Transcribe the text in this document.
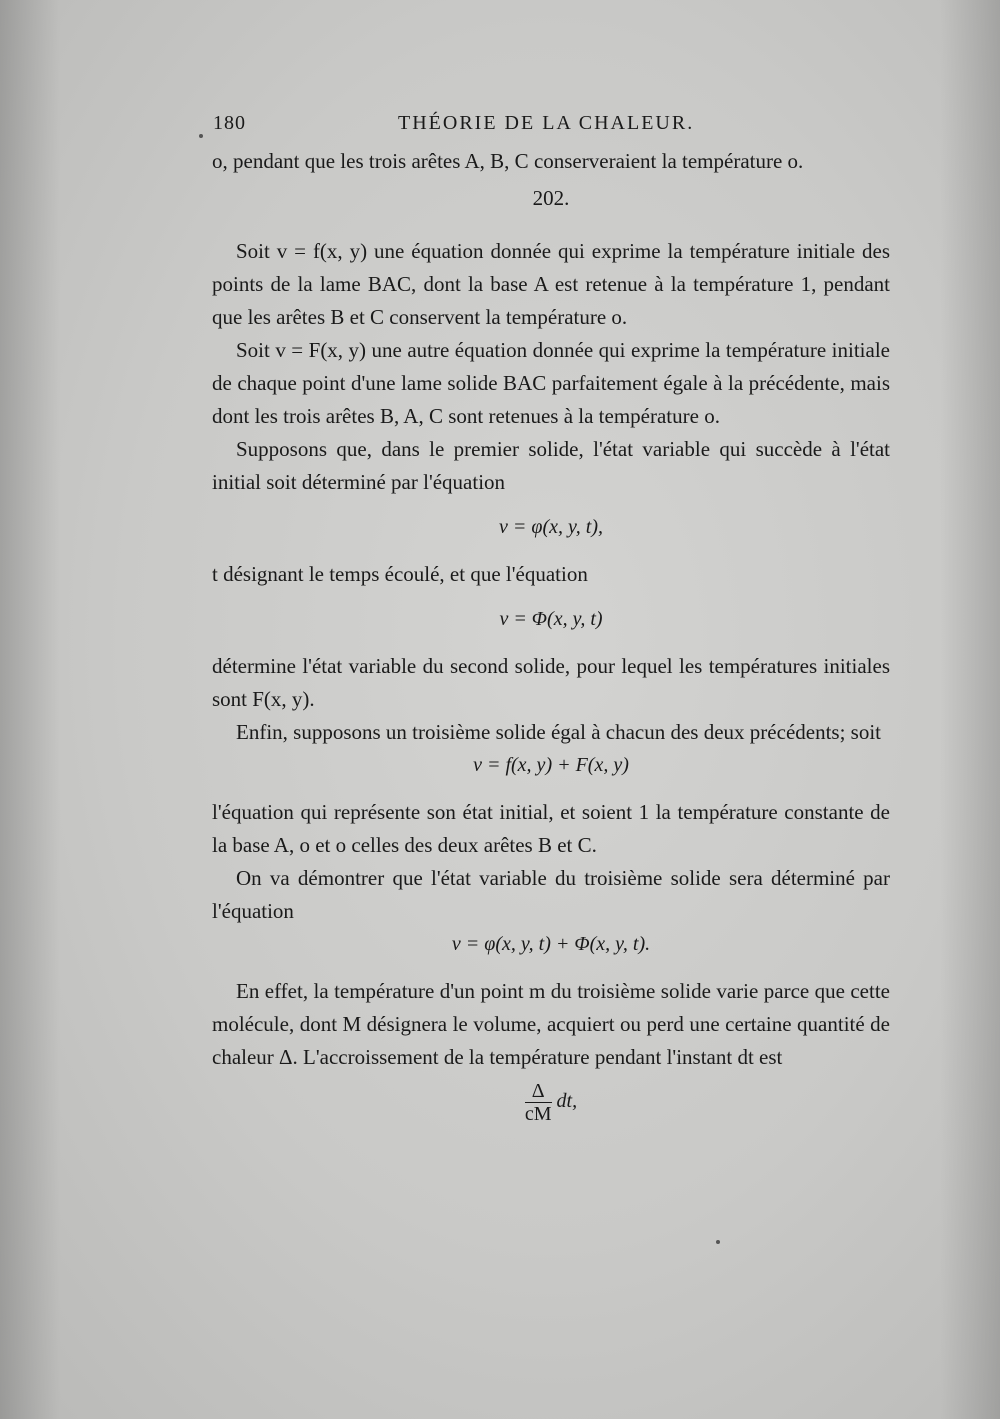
180	THÉORIE DE LA CHALEUR.

o, pendant que les trois arêtes A, B, C conserveraient la température o.

202.

Soit v = f(x, y) une équation donnée qui exprime la température initiale des points de la lame BAC, dont la base A est retenue à la température 1, pendant que les arêtes B et C conservent la température o.

Soit v = F(x, y) une autre équation donnée qui exprime la température initiale de chaque point d'une lame solide BAC parfaitement égale à la précédente, mais dont les trois arêtes B, A, C sont retenues à la température o.

Supposons que, dans le premier solide, l'état variable qui succède à l'état initial soit déterminé par l'équation

v = φ(x, y, t),

t désignant le temps écoulé, et que l'équation

v = Φ(x, y, t)

détermine l'état variable du second solide, pour lequel les températures initiales sont F(x, y).

Enfin, supposons un troisième solide égal à chacun des deux précédents; soit

v = f(x, y) + F(x, y)

l'équation qui représente son état initial, et soient 1 la température constante de la base A, o et o celles des deux arêtes B et C.

On va démontrer que l'état variable du troisième solide sera déterminé par l'équation

v = φ(x, y, t) + Φ(x, y, t).

En effet, la température d'un point m du troisième solide varie parce que cette molécule, dont M désignera le volume, acquiert ou perd une certaine quantité de chaleur Δ. L'accroissement de la température pendant l'instant dt est

$\frac{\Delta}{cM}$ dt,
